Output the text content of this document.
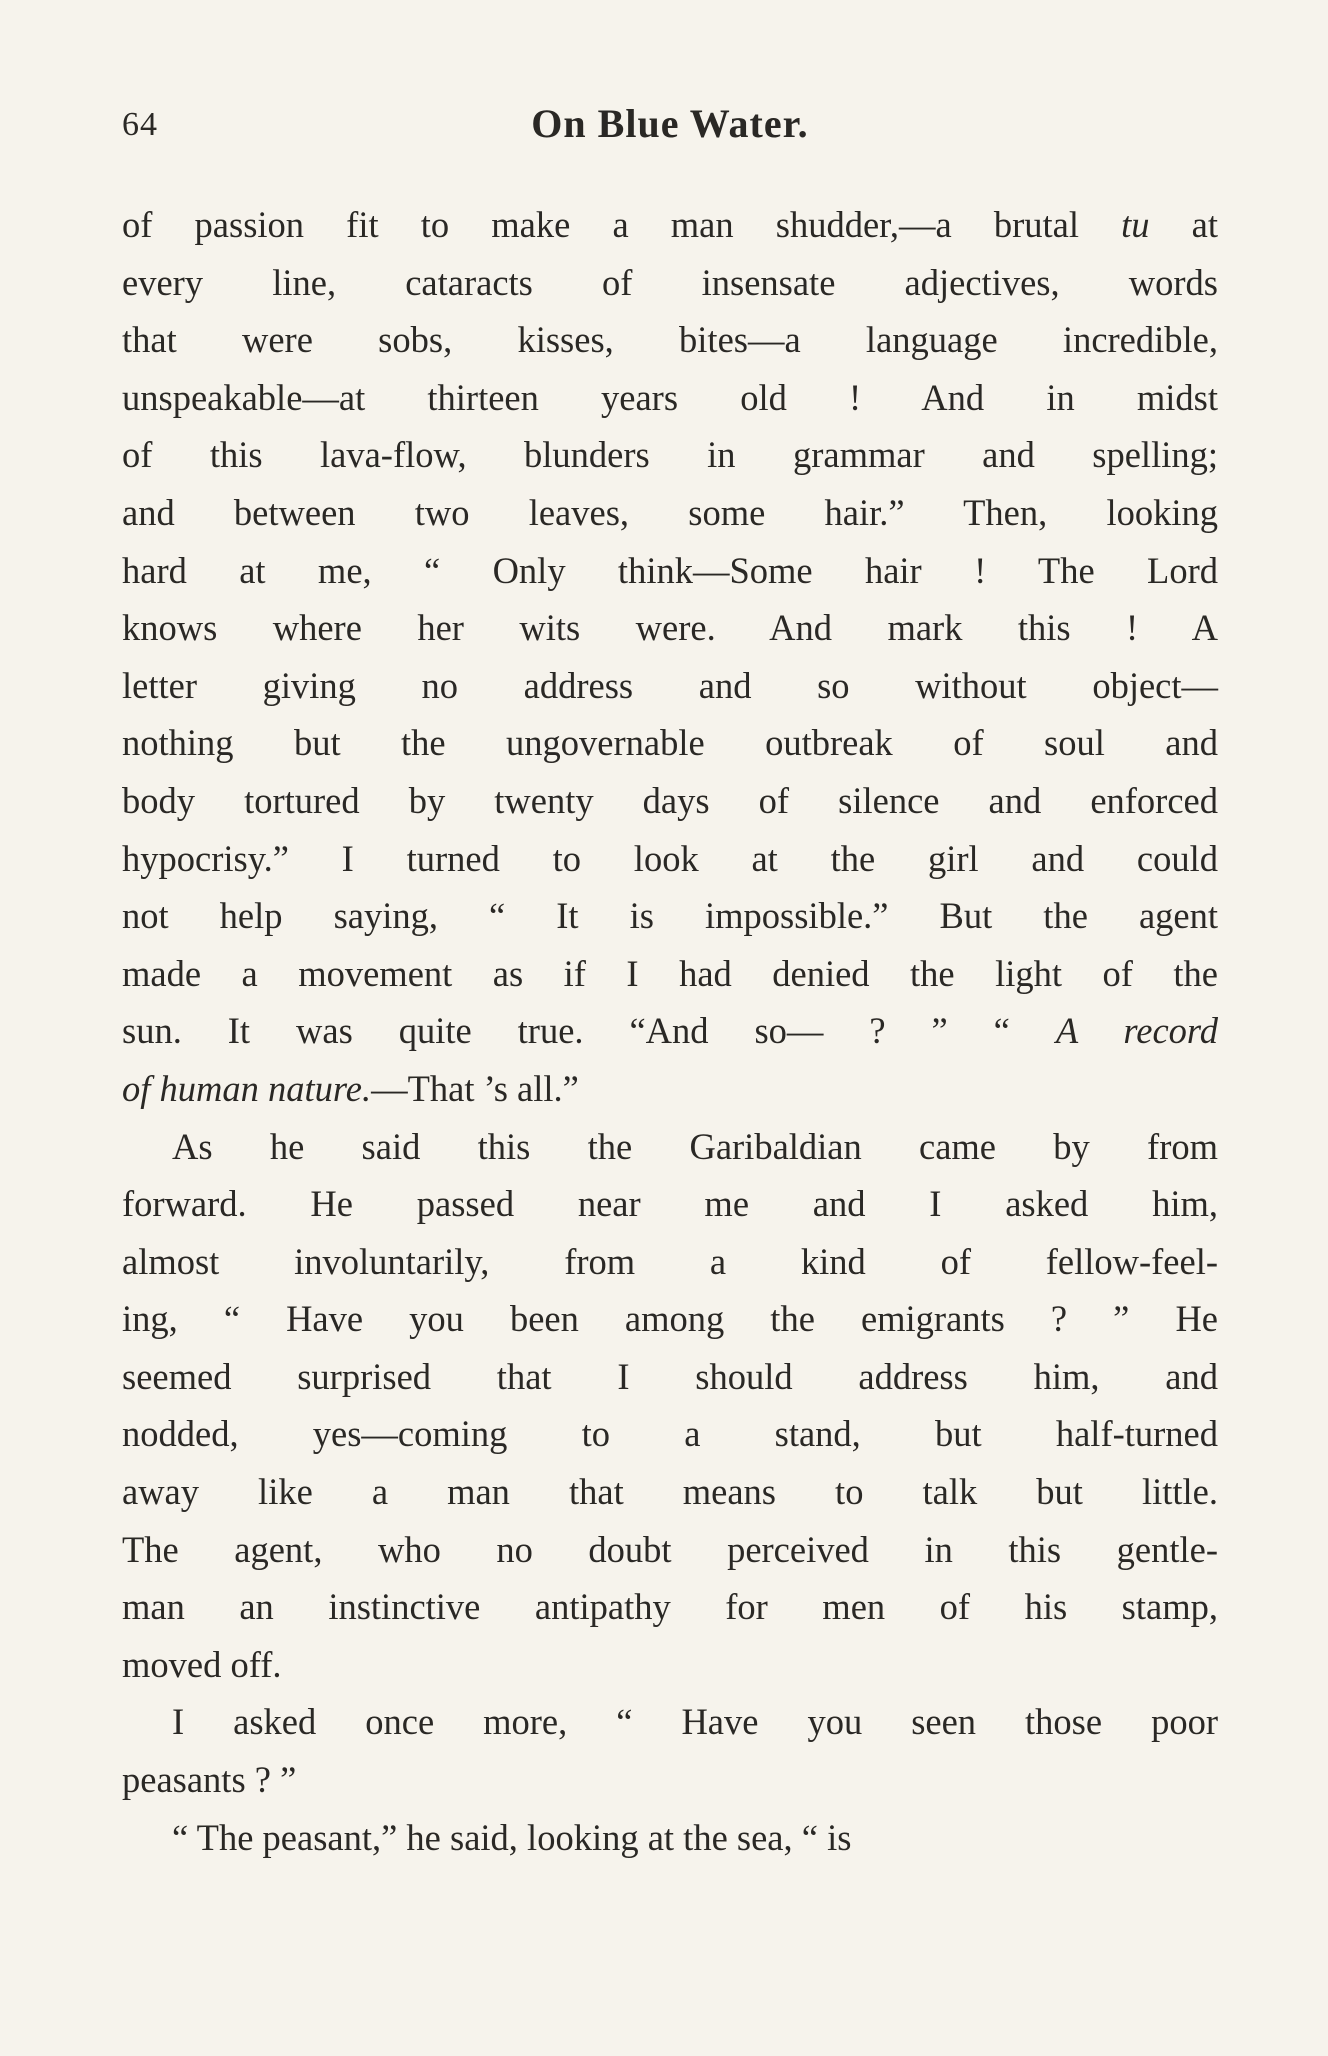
64	On Blue Water.

of passion fit to make a man shudder,—a brutal tu at
every line, cataracts of insensate adjectives, words
that were sobs, kisses, bites—a language incredible,
unspeakable—at thirteen years old ! And in midst
of this lava-flow, blunders in grammar and spelling;
and between two leaves, some hair.” Then, looking
hard at me, “ Only think—Some hair ! The Lord
knows where her wits were. And mark this ! A
letter giving no address and so without object—
nothing but the ungovernable outbreak of soul and
body tortured by twenty days of silence and enforced
hypocrisy.” I turned to look at the girl and could
not help saying, “ It is impossible.” But the agent
made a movement as if I had denied the light of the
sun. It was quite true. “And so— ? ” “ A record
of human nature.—That ’s all.”

As he said this the Garibaldian came by from
forward. He passed near me and I asked him,
almost involuntarily, from a kind of fellow-feel-
ing, “ Have you been among the emigrants ? ” He
seemed surprised that I should address him, and
nodded, yes—coming to a stand, but half-turned
away like a man that means to talk but little.
The agent, who no doubt perceived in this gentle-
man an instinctive antipathy for men of his stamp,
moved off.

I asked once more, “ Have you seen those poor
peasants ? ”

“ The peasant,” he said, looking at the sea, “ is
